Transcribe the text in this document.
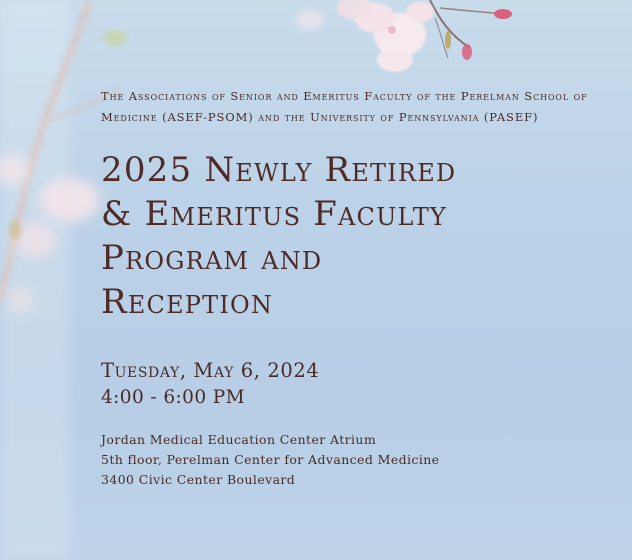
The Associations of Senior and Emeritus Faculty of the Perelman School of Medicine (ASEF-PSOM) and the University of Pennsylvania (PASEF)

2025 Newly Retired
& Emeritus Faculty
Program and
Reception

Tuesday, May 6, 2024

4:00 - 6:00 PM

Jordan Medical Education Center Atrium
5th floor, Perelman Center for Advanced Medicine
3400 Civic Center Boulevard
